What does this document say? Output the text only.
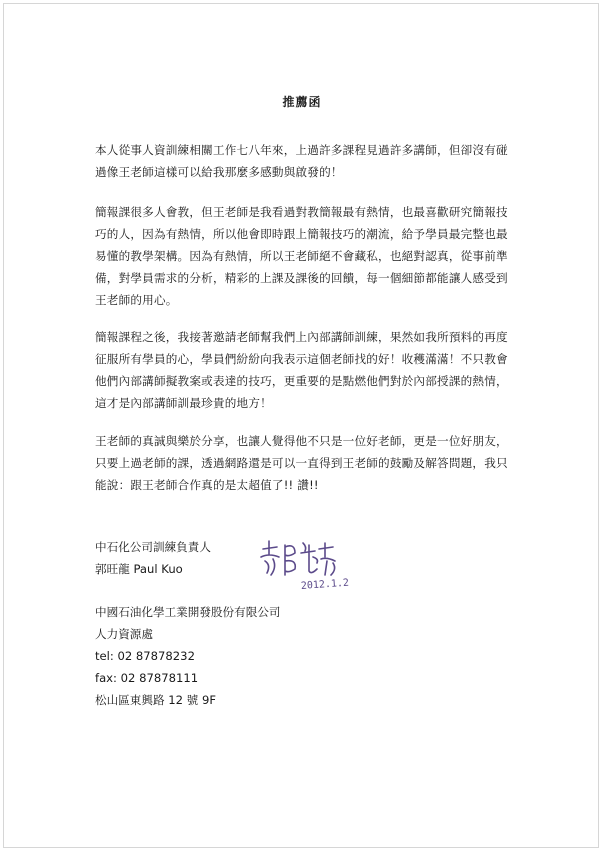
推薦函
本人從事人資訓練相關工作七八年來，上過許多課程見過許多講師，但卻沒有碰
過像王老師這樣可以給我那麼多感動與啟發的！
簡報課很多人會教，但王老師是我看過對教簡報最有熱情，也最喜歡研究簡報技
巧的人，因為有熱情，所以他會即時跟上簡報技巧的潮流，給予學員最完整也最
易懂的教學架構。因為有熱情，所以王老師絕不會藏私，也絕對認真，從事前準
備，對學員需求的分析，精彩的上課及課後的回饋，每一個細節都能讓人感受到
王老師的用心。
簡報課程之後，我接著邀請老師幫我們上內部講師訓練，果然如我所預料的再度
征服所有學員的心，學員們紛紛向我表示這個老師找的好！收穫滿滿！不只教會
他們內部講師擬教案或表達的技巧，更重要的是點燃他們對於內部授課的熱情，
這才是內部講師訓最珍貴的地方！
王老師的真誠與樂於分享，也讓人覺得他不只是一位好老師，更是一位好朋友，
只要上過老師的課，透過網路還是可以一直得到王老師的鼓勵及解答問題，我只
能說：跟王老師合作真的是太超值了!! 讚!!
中石化公司訓練負責人
郭旺龍 Paul Kuo
2012.1.2
中國石油化學工業開發股份有限公司
人力資源處
tel: 02 87878232
fax: 02 87878111
松山區東興路 12 號 9F
